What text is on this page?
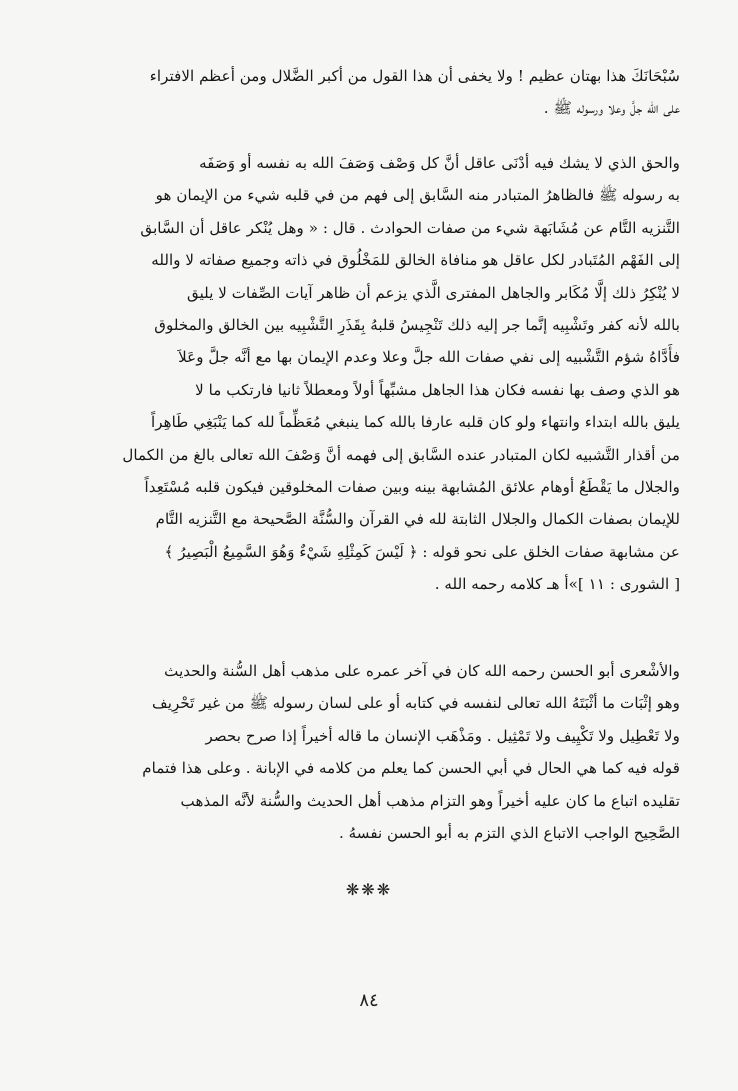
سُبْحَانَكَ هذا بهتان عظيم ! ولا يخفى أن هذا القول من أكبر الضَّلال ومن أعظم الافتراء
على الله جلَّ وعلا ورسوله ﷺ .
والحق الذي لا يشك فيه أدْنَى عاقل أنَّ كل وَصْف وَصَفَ الله به نفسه أو وَصَفَه
به رسوله ﷺ فالظاهرُ المتبادر منه السَّابق إلى فهم من في قلبه شيء من الإيمان هو
التَّنزيه التَّام عن مُشَابَهة شيء من صفات الحوادث . قال : « وهل يُنْكر عاقل أن السَّابق
إلى الفَهْم المُتَبادر لكل عاقل هو منافاة الخالق للمَخْلُوق في ذاته وجميع صفاته لا والله
لا يُنْكِرُ ذلك إلَّا مُكَابر والجاهل المفترى الَّذي يزعم أن ظاهر آيات الصِّفات لا يليق
بالله لأنه كفر وتَشْبِيه إنَّما جر إليه ذلك تَنْجِيسُ قلبهُ بِقَذَرِ التَّشْبِيه بين الخالق والمخلوق
فأَدَّاهُ شؤم التَّشْبيه إلى نفي صفات الله جلَّ وعلا وعدم الإيمان بها مع أنَّه جلَّ وعَلاَ
هو الذي وصف بها نفسه فكان هذا الجاهل مشبِّهاً أولاً ومعطلاً ثانيا فارتكب ما لا
يليق بالله ابتداء وانتهاء ولو كان قلبه عارفا بالله كما ينبغي مُعَظِّماً لله كما يَنْبَغِي طَاهِراً
من أقذار التَّشبيه لكان المتبادر عنده السَّابق إلى فهمه أنَّ وَصْفَ الله تعالى بالغ من الكمال
والجلال ما يَقْطَعُ أوهام علائق المُشابهة بينه وبين صفات المخلوقين فيكون قلبه مُسْتَعِداً
للإيمان بصفات الكمال والجلال الثابتة لله في القرآن والسُّنَّة الصَّحيحة مع التَّنزيه التَّام
عن مشابهة صفات الخلق على نحو قوله : ﴿ لَيْسَ كَمِثْلِهِ شَيْءٌ وَهُوَ السَّمِيعُ الْبَصِيرُ ﴾
[ الشورى : ١١ ]»أ هـ كلامه رحمه الله .
والأشْعرى أبو الحسن رحمه الله كان في آخر عمره على مذهب أهل السُّنة والحديث
وهو إثْبَات ما أثْبَتَهُ الله تعالى لنفسه في كتابه أو على لسان رسوله ﷺ من غير تَحْرِيف
ولا تَعْطِيل ولا تَكْيِيف ولا تَمْثِيل . ومَذْهَب الإنسان ما قاله أخيراً إذا صرح بحصر
قوله فيه كما هي الحال في أبي الحسن كما يعلم من كلامه في الإبانة . وعلى هذا فتمام
تقليده اتباع ما كان عليه أخيراً وهو التزام مذهب أهل الحديث والسُّنة لأنَّه المذهب
الصَّحِيح الواجب الاتباع الذي التزم به أبو الحسن نفسهُ .
❋❋❋
٨٤
